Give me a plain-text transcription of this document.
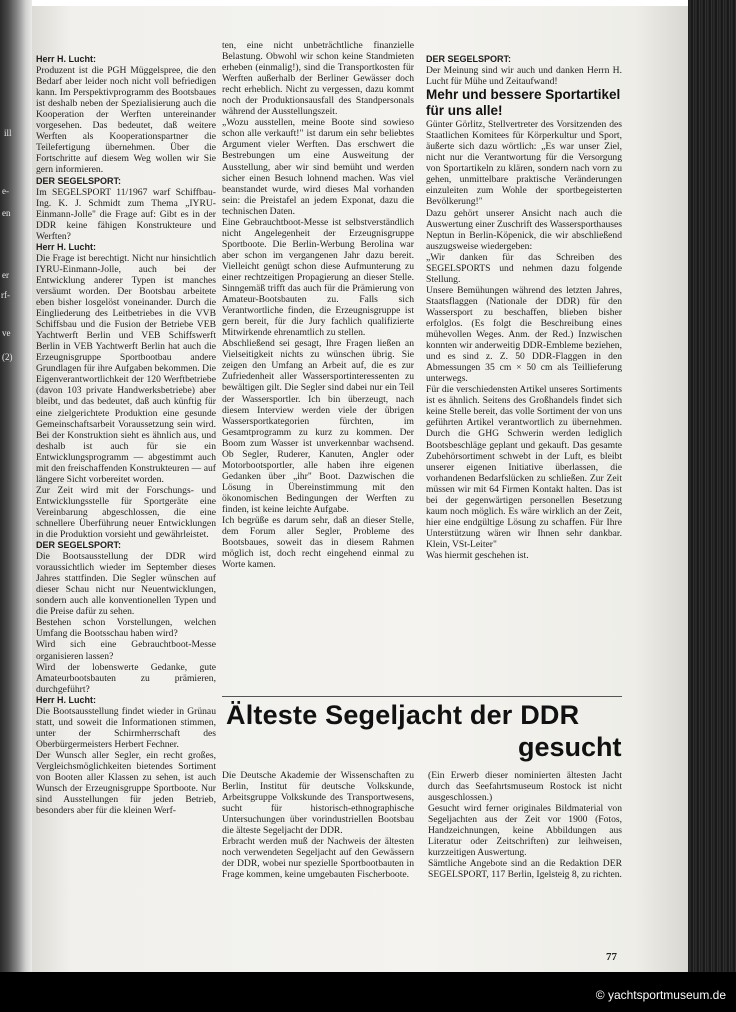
ill
e-
en
er
rf-
ve
(2)

Herr H. Lucht:

Produzent ist die PGH Müggelspree, die den Bedarf aber leider noch nicht voll befriedigen kann. Im Perspektivprogramm des Bootsbaues ist deshalb neben der Spezialisierung auch die Kooperation der Werften untereinander vorgesehen. Das bedeutet, daß weitere Werften als Kooperationspartner die Teilefertigung übernehmen. Über die Fortschritte auf diesem Weg wollen wir Sie gern informieren.

DER SEGELSPORT:

Im SEGELSPORT 11/1967 warf Schiffbau-Ing. K. J. Schmidt zum Thema „IYRU-Einmann-Jolle" die Frage auf: Gibt es in der DDR keine fähigen Konstrukteure und Werften?

Herr H. Lucht:

Die Frage ist berechtigt. Nicht nur hinsichtlich IYRU-Einmann-Jolle, auch bei der Entwicklung anderer Typen ist manches versäumt worden. Der Bootsbau arbeitete eben bisher losgelöst voneinander. Durch die Eingliederung des Leitbetriebes in die VVB Schiffsbau und die Fusion der Betriebe VEB Yachtwerft Berlin und VEB Schiffswerft Berlin in VEB Yachtwerft Berlin hat auch die Erzeugnisgruppe Sportbootbau andere Grundlagen für ihre Aufgaben bekommen. Die Eigenverantwortlichkeit der 120 Werftbetriebe (davon 103 private Handwerksbetriebe) aber bleibt, und das bedeutet, daß auch künftig für eine zielgerichtete Produktion eine gesunde Gemeinschaftsarbeit Voraussetzung sein wird. Bei der Konstruktion sieht es ähnlich aus, und deshalb ist auch für sie ein Entwicklungsprogramm — abgestimmt auch mit den freischaffenden Konstrukteuren — auf längere Sicht vorbereitet worden.

Zur Zeit wird mit der Forschungs- und Entwicklungsstelle für Sportgeräte eine Vereinbarung abgeschlossen, die eine schnellere Überführung neuer Entwicklungen in die Produktion vorsieht und gewährleistet.

DER SEGELSPORT:

Die Bootsausstellung der DDR wird voraussichtlich wieder im September dieses Jahres stattfinden. Die Segler wünschen auf dieser Schau nicht nur Neuentwicklungen, sondern auch alle konventionellen Typen und die Preise dafür zu sehen.

Bestehen schon Vorstellungen, welchen Umfang die Bootsschau haben wird?

Wird sich eine Gebrauchtboot-Messe organisieren lassen?

Wird der lobenswerte Gedanke, gute Amateurbootsbauten zu prämieren, durchgeführt?

Herr H. Lucht:

Die Bootsausstellung findet wieder in Grünau statt, und soweit die Informationen stimmen, unter der Schirmherrschaft des Oberbürgermeisters Herbert Fechner.

Der Wunsch aller Segler, ein recht großes, Vergleichsmöglichkeiten bietendes Sortiment von Booten aller Klassen zu sehen, ist auch Wunsch der Erzeugnisgruppe Sportboote. Nur sind Ausstellungen für jeden Betrieb, besonders aber für die kleinen Werf-

ten, eine nicht unbeträchtliche finanzielle Belastung. Obwohl wir schon keine Standmieten erheben (einmalig!), sind die Transportkosten für Werften außerhalb der Berliner Gewässer doch recht erheblich. Nicht zu vergessen, dazu kommt noch der Produktionsausfall des Standpersonals während der Ausstellungszeit.

„Wozu ausstellen, meine Boote sind sowieso schon alle verkauft!" ist darum ein sehr beliebtes Argument vieler Werften. Das erschwert die Bestrebungen um eine Ausweitung der Ausstellung, aber wir sind bemüht und werden sicher einen Besuch lohnend machen. Was viel beanstandet wurde, wird dieses Mal vorhanden sein: die Preistafel an jedem Exponat, dazu die technischen Daten.

Eine Gebrauchtboot-Messe ist selbstverständlich nicht Angelegenheit der Erzeugnisgruppe Sportboote. Die Berlin-Werbung Berolina war aber schon im vergangenen Jahr dazu bereit. Vielleicht genügt schon diese Aufmunterung zu einer rechtzeitigen Propagierung an dieser Stelle. Sinngemäß trifft das auch für die Prämierung von Amateur-Bootsbauten zu. Falls sich Verantwortliche finden, die Erzeugnisgruppe ist gern bereit, für die Jury fachlich qualifizierte Mitwirkende ehrenamtlich zu stellen.

Abschließend sei gesagt, Ihre Fragen ließen an Vielseitigkeit nichts zu wünschen übrig. Sie zeigen den Umfang an Arbeit auf, die es zur Zufriedenheit aller Wassersportinteressenten zu bewältigen gilt. Die Segler sind dabei nur ein Teil der Wassersportler. Ich bin überzeugt, nach diesem Interview werden viele der übrigen Wassersportkategorien fürchten, im Gesamtprogramm zu kurz zu kommen. Der Boom zum Wasser ist unverkennbar wachsend. Ob Segler, Ruderer, Kanuten, Angler oder Motorbootsportler, alle haben ihre eigenen Gedanken über „ihr" Boot. Dazwischen die Lösung in Übereinstimmung mit den ökonomischen Bedingungen der Werften zu finden, ist keine leichte Aufgabe.

Ich begrüße es darum sehr, daß an dieser Stelle, dem Forum aller Segler, Probleme des Bootsbaues, soweit das in diesem Rahmen möglich ist, doch recht eingehend einmal zu Worte kamen.

DER SEGELSPORT:

Der Meinung sind wir auch und danken Herrn H. Lucht für Mühe und Zeitaufwand!

Mehr und bessere Sportartikel für uns alle!

Günter Görlitz, Stellvertreter des Vorsitzenden des Staatlichen Komitees für Körperkultur und Sport, äußerte sich dazu wörtlich: „Es war unser Ziel, nicht nur die Verantwortung für die Versorgung von Sportartikeln zu klären, sondern nach vorn zu gehen, unmittelbare praktische Veränderungen einzuleiten zum Wohle der sportbegeisterten Bevölkerung!"

Dazu gehört unserer Ansicht nach auch die Auswertung einer Zuschrift des Wassersporthauses Neptun in Berlin-Köpenick, die wir abschließend auszugsweise wiedergeben:

„Wir danken für das Schreiben des SEGELSPORTS und nehmen dazu folgende Stellung.

Unsere Bemühungen während des letzten Jahres, Staatsflaggen (Nationale der DDR) für den Wassersport zu beschaffen, blieben bisher erfolglos. (Es folgt die Beschreibung eines mühevollen Weges. Anm. der Red.) Inzwischen konnten wir anderweitig DDR-Embleme beziehen, und es sind z. Z. 50 DDR-Flaggen in den Abmessungen 35 cm × 50 cm als Teillieferung unterwegs.

Für die verschiedensten Artikel unseres Sortiments ist es ähnlich. Seitens des Großhandels findet sich keine Stelle bereit, das volle Sortiment der von uns geführten Artikel verantwortlich zu übernehmen. Durch die GHG Schwerin werden lediglich Bootsbeschläge geplant und gekauft. Das gesamte Zubehörsortiment schwebt in der Luft, es bleibt unserer eigenen Initiative überlassen, die vorhandenen Bedarfslücken zu schließen. Zur Zeit müssen wir mit 64 Firmen Kontakt halten. Das ist bei der gegenwärtigen personellen Besetzung kaum noch möglich. Es wäre wirklich an der Zeit, hier eine endgültige Lösung zu schaffen. Für Ihre Unterstützung wären wir Ihnen sehr dankbar. Klein, VSt-Leiter"

Was hiermit geschehen ist.

Älteste Segeljacht der DDR
gesucht

Die Deutsche Akademie der Wissenschaften zu Berlin, Institut für deutsche Volkskunde, Arbeitsgruppe Volkskunde des Transportwesens, sucht für historisch-ethnographische Untersuchungen über vorindustriellen Bootsbau die älteste Segeljacht der DDR.

Erbracht werden muß der Nachweis der ältesten noch verwendeten Segeljacht auf den Gewässern der DDR, wobei nur spezielle Sportbootbauten in Frage kommen, keine umgebauten Fischerboote.

(Ein Erwerb dieser nominierten ältesten Jacht durch das Seefahrtsmuseum Rostock ist nicht ausgeschlossen.)

Gesucht wird ferner originales Bildmaterial von Segeljachten aus der Zeit vor 1900 (Fotos, Handzeichnungen, keine Abbildungen aus Literatur oder Zeitschriften) zur leihweisen, kurzzeitigen Auswertung.

Sämtliche Angebote sind an die Redaktion DER SEGELSPORT, 117 Berlin, Igelsteig 8, zu richten.

77
© yachtsportmuseum.de
